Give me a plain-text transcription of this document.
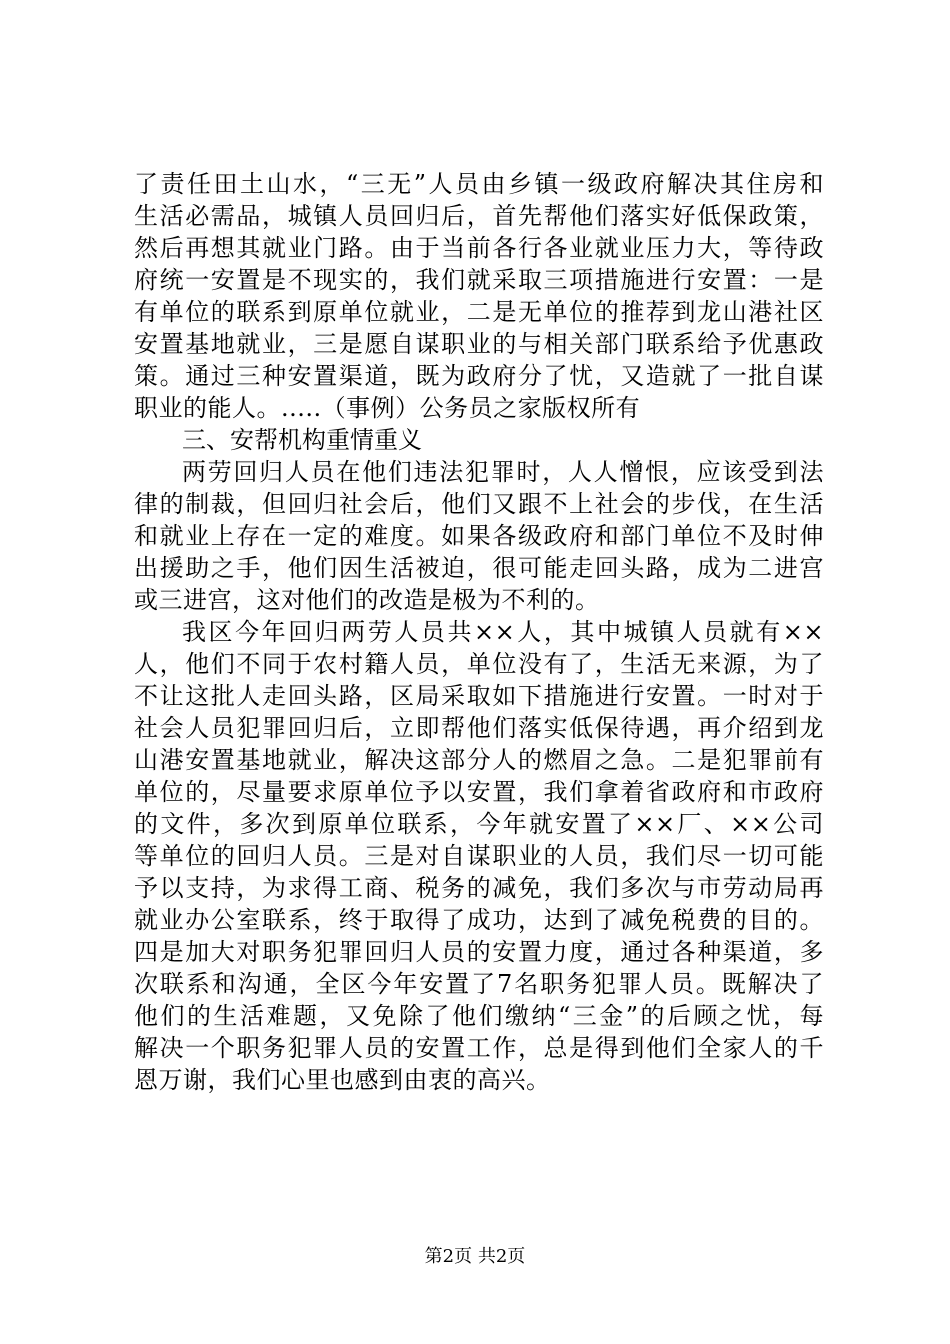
了责任田土山水，“三无”人员由乡镇一级政府解决其住房和
生活必需品，城镇人员回归后，首先帮他们落实好低保政策，
然后再想其就业门路。由于当前各行各业就业压力大，等待政
府统一安置是不现实的，我们就采取三项措施进行安置：一是
有单位的联系到原单位就业，二是无单位的推荐到龙山港社区
安置基地就业，三是愿自谋职业的与相关部门联系给予优惠政
策。通过三种安置渠道，既为政府分了忧，又造就了一批自谋
职业的能人。.....（事例）公务员之家版权所有
三、安帮机构重情重义
两劳回归人员在他们违法犯罪时，人人憎恨，应该受到法
律的制裁，但回归社会后，他们又跟不上社会的步伐，在生活
和就业上存在一定的难度。如果各级政府和部门单位不及时伸
出援助之手，他们因生活被迫，很可能走回头路，成为二进宫
或三进宫，这对他们的改造是极为不利的。
我区今年回归两劳人员共××人，其中城镇人员就有××
人，他们不同于农村籍人员，单位没有了，生活无来源，为了
不让这批人走回头路，区局采取如下措施进行安置。一时对于
社会人员犯罪回归后，立即帮他们落实低保待遇，再介绍到龙
山港安置基地就业，解决这部分人的燃眉之急。二是犯罪前有
单位的，尽量要求原单位予以安置，我们拿着省政府和市政府
的文件，多次到原单位联系，今年就安置了××厂、××公司
等单位的回归人员。三是对自谋职业的人员，我们尽一切可能
予以支持，为求得工商、税务的减免，我们多次与市劳动局再
就业办公室联系，终于取得了成功，达到了减免税费的目的。
四是加大对职务犯罪回归人员的安置力度，通过各种渠道，多
次联系和沟通，全区今年安置了7名职务犯罪人员。既解决了
他们的生活难题，又免除了他们缴纳“三金”的后顾之忧，每
解决一个职务犯罪人员的安置工作，总是得到他们全家人的千
恩万谢，我们心里也感到由衷的高兴。
第2页 共2页
